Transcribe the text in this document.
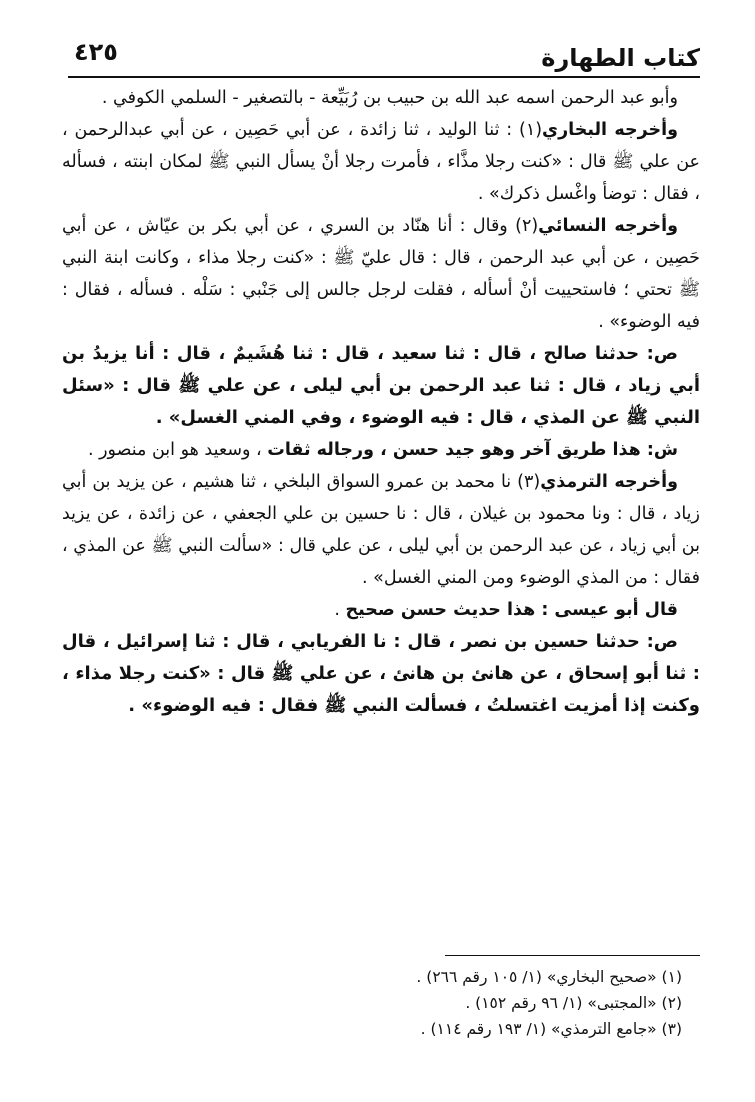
كتاب الطهارة
٤٢٥

وأبو عبد الرحمن اسمه عبد الله بن حبيب بن رُبَيِّعة - بالتصغير - السلمي الكوفي .

وأخرجه البخاري(١) : ثنا الوليد ، ثنا زائدة ، عن أبي حَصِين ، عن أبي عبدالرحمن ، عن علي ﷺ قال : «كنت رجلا مذَّاء ، فأمرت رجلا أنْ يسأل النبي ﷺ لمكان ابنته ، فسأله ، فقال : توضأ واغْسل ذكرك» .

وأخرجه النسائي(٢) وقال : أنا هنّاد بن السري ، عن أبي بكر بن عيّاش ، عن أبي حَصِين ، عن أبي عبد الرحمن ، قال : قال عليّ ﷺ : «كنت رجلا مذاء ، وكانت ابنة النبي ﷺ تحتي ؛ فاستحييت أنْ أسأله ، فقلت لرجل جالس إلى جَنْبي : سَلْه . فسأله ، فقال : فيه الوضوء» .

ص: حدثنا صالح ، قال : ثنا سعيد ، قال : ثنا هُشَيمٌ ، قال : أنا يزيدُ بن أبي زياد ، قال : ثنا عبد الرحمن بن أبي ليلى ، عن علي ﷺ قال : «سئل النبي ﷺ عن المذي ، قال : فيه الوضوء ، وفي المني الغسل» .

ش: هذا طريق آخر وهو جيد حسن ، ورجاله ثقات ، وسعيد هو ابن منصور .

وأخرجه الترمذي(٣) نا محمد بن عمرو السواق البلخي ، ثنا هشيم ، عن يزيد بن أبي زياد ، قال : ونا محمود بن غيلان ، قال : نا حسين بن علي الجعفي ، عن زائدة ، عن يزيد بن أبي زياد ، عن عبد الرحمن بن أبي ليلى ، عن علي قال : «سألت النبي ﷺ عن المذي ، فقال : من المذي الوضوء ومن المني الغسل» .

قال أبو عيسى : هذا حديث حسن صحيح .

ص: حدثنا حسين بن نصر ، قال : نا الفريابي ، قال : ثنا إسرائيل ، قال : ثنا أبو إسحاق ، عن هانئ بن هانئ ، عن علي ﷺ قال : «كنت رجلا مذاء ، وكنت إذا أمزيت اغتسلتُ ، فسألت النبي ﷺ فقال : فيه الوضوء» .

(١) «صحيح البخاري» (١/ ١٠٥ رقم ٢٦٦) .

(٢) «المجتبى» (١/ ٩٦ رقم ١٥٢) .

(٣) «جامع الترمذي» (١/ ١٩٣ رقم ١١٤) .
